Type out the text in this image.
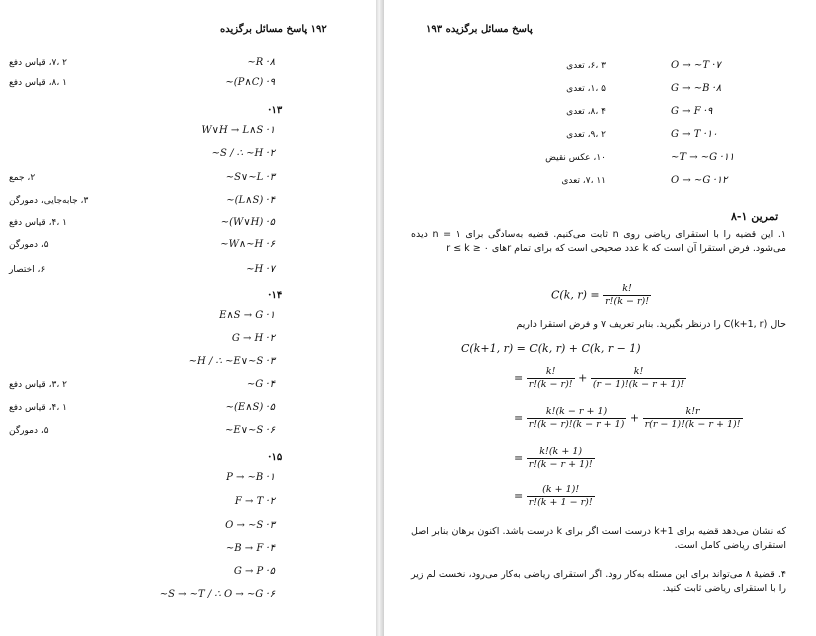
۱۹۲ پاسخ مسائل برگزیده
~R ·۸
۲ ،۷، قیاس دفع
~(P∧C) ·۹
۱ ،۸، قیاس دفع
۱۳·
W∨H → L∧S ·۱
~S / ∴ ~H ·۲
~S∨~L ·۳
۲، جمع
~(L∧S) ·۴
۳، جابه‌جایی، دمورگن
~(W∨H) ·۵
۱ ،۴، قیاس دفع
~W∧~H ·۶
۵، دمورگن
~H ·۷
۶، اختصار
۱۴·
E∧S → G ·۱
G → H ·۲
~H / ∴ ~E∨~S ·۳
~G ·۴
۲ ،۳، قیاس دفع
~(E∧S) ·۵
۱ ،۴، قیاس دفع
~E∨~S ·۶
۵، دمورگن
۱۵·
P → ~B ·۱
F → T ·۲
O → ~S ·۳
~B → F ·۴
G → P ·۵
~S → ~T / ∴ O → ~G ·۶
پاسخ مسائل برگزیده ۱۹۳
O → ~T ·۷
۳ ،۶، تعدی
G → ~B ·۸
۵ ،۱، تعدی
G → F ·۹
۴ ،۸، تعدی
G → T ·۱۰
۲ ،۹، تعدی
~T → ~G ·۱۱
۱۰، عکس نقیض
O → ~G ·۱۲
۱۱ ،۷، تعدی
تمرین ۱-۸
۱. این قضیه را با استقرای ریاضی روی n ثابت می‌کنیم. قضیه به‌سادگی برای n = ۱ دیده می‌شود. فرض استقرا آن است که k عدد صحیحی است که برای تمام rهای ۰ ≤ r ≤ k
C(k, $r) = \frac{k!}{r!(k - r)!}$
حال (C(k+1, r را درنظر بگیرید. بنابر تعریف ۷ و فرض استقرا داریم
C(k+1, r) = C(k, r) + C(k, r − 1)
= $\frac{k!}{r!(k - r)!} + \frac{k!}{(r - 1)!(k - r + 1)!}$
= $\frac{k!(k - r + 1)}{r!(k - r)!(k - r + 1)} + \frac{k!r}{r(r - 1)!(k - r + 1)!}$
= $\frac{k!(k + 1)}{r!(k - r + 1)!}$
= $\frac{(k + 1)!}{r!(k + 1 - r)!}$
که نشان می‌دهد قضیه برای k+1 درست است اگر برای k درست باشد. اکنون برهان بنابر اصل استقرای ریاضی کامل است.
۴. قضیهٔ ۸ می‌تواند برای این مسئله به‌کار رود. اگر استقرای ریاضی به‌کار می‌رود، نخست لم زیر را با استقرای ریاضی ثابت کنید.
